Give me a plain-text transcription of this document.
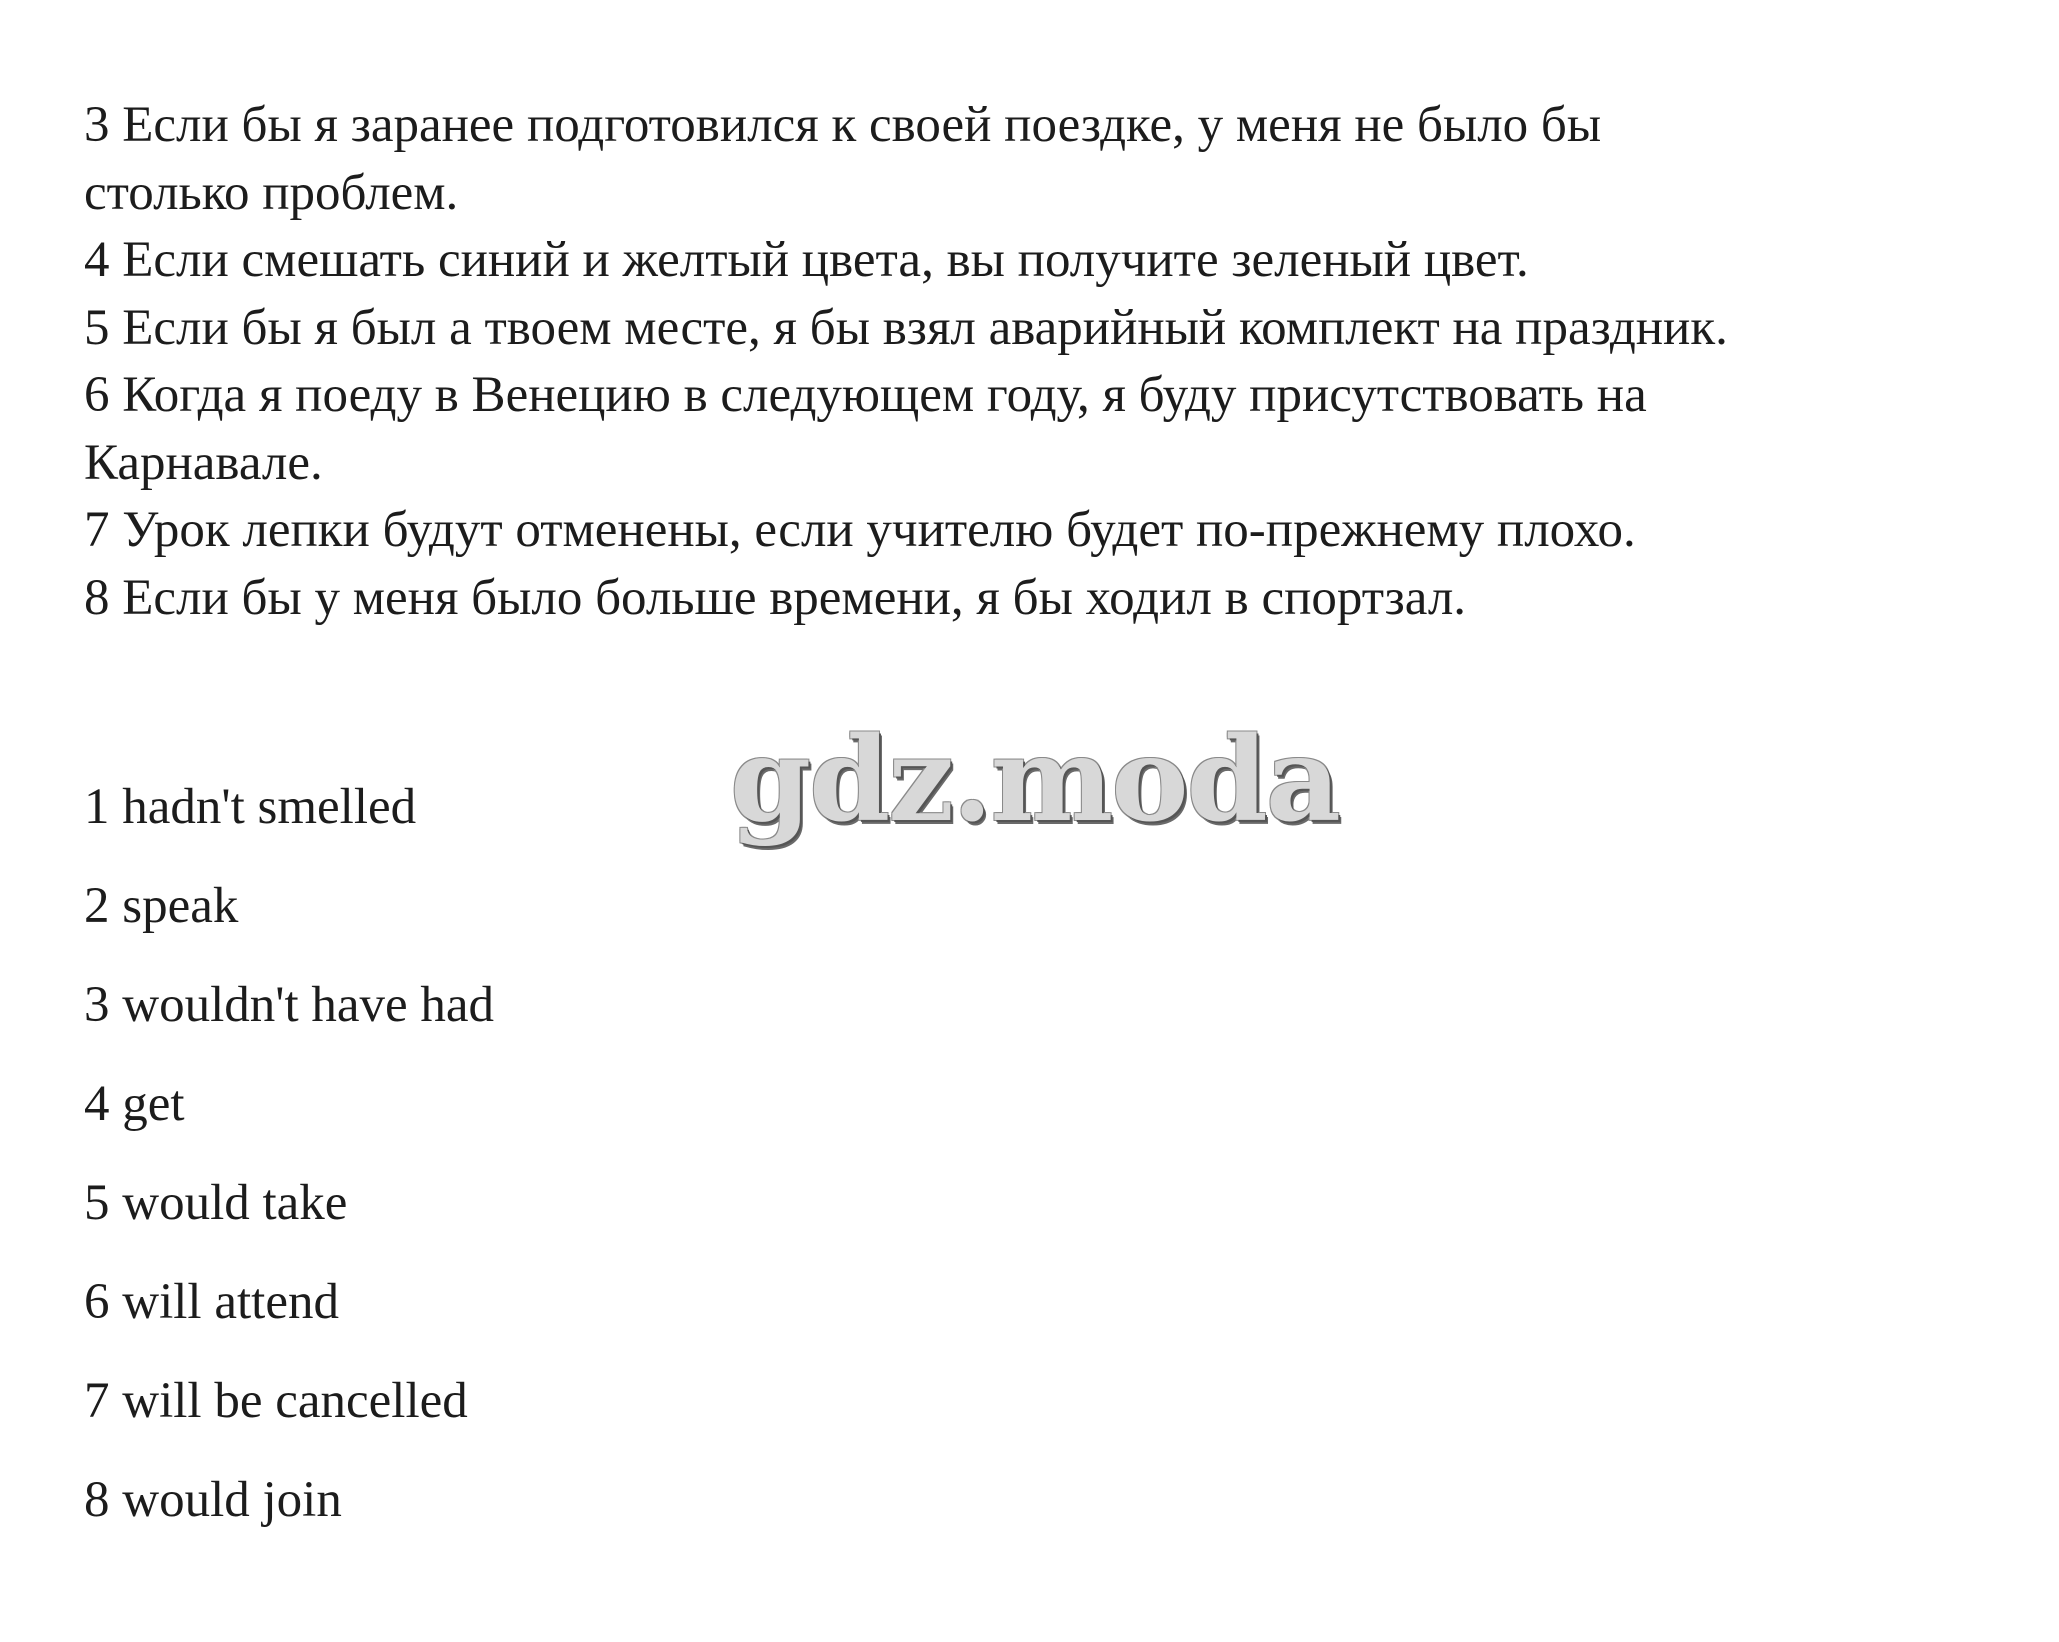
3 Если бы я заранее подготовился к своей поездке, у меня не было бы
столько проблем.
4 Если смешать синий и желтый цвета, вы получите зеленый цвет.
5 Если бы я был а твоем месте, я бы взял аварийный комплект на праздник.
6 Когда я поеду в Венецию в следующем году, я буду присутствовать на
Карнавале.
7 Урок лепки будут отменены, если учителю будет по-прежнему плохо.
8 Если бы у меня было больше времени, я бы ходил в спортзал.
gdz.moda
1 hadn't smelled
2 speak
3 wouldn't have had
4 get
5 would take
6 will attend
7 will be cancelled
8 would join
